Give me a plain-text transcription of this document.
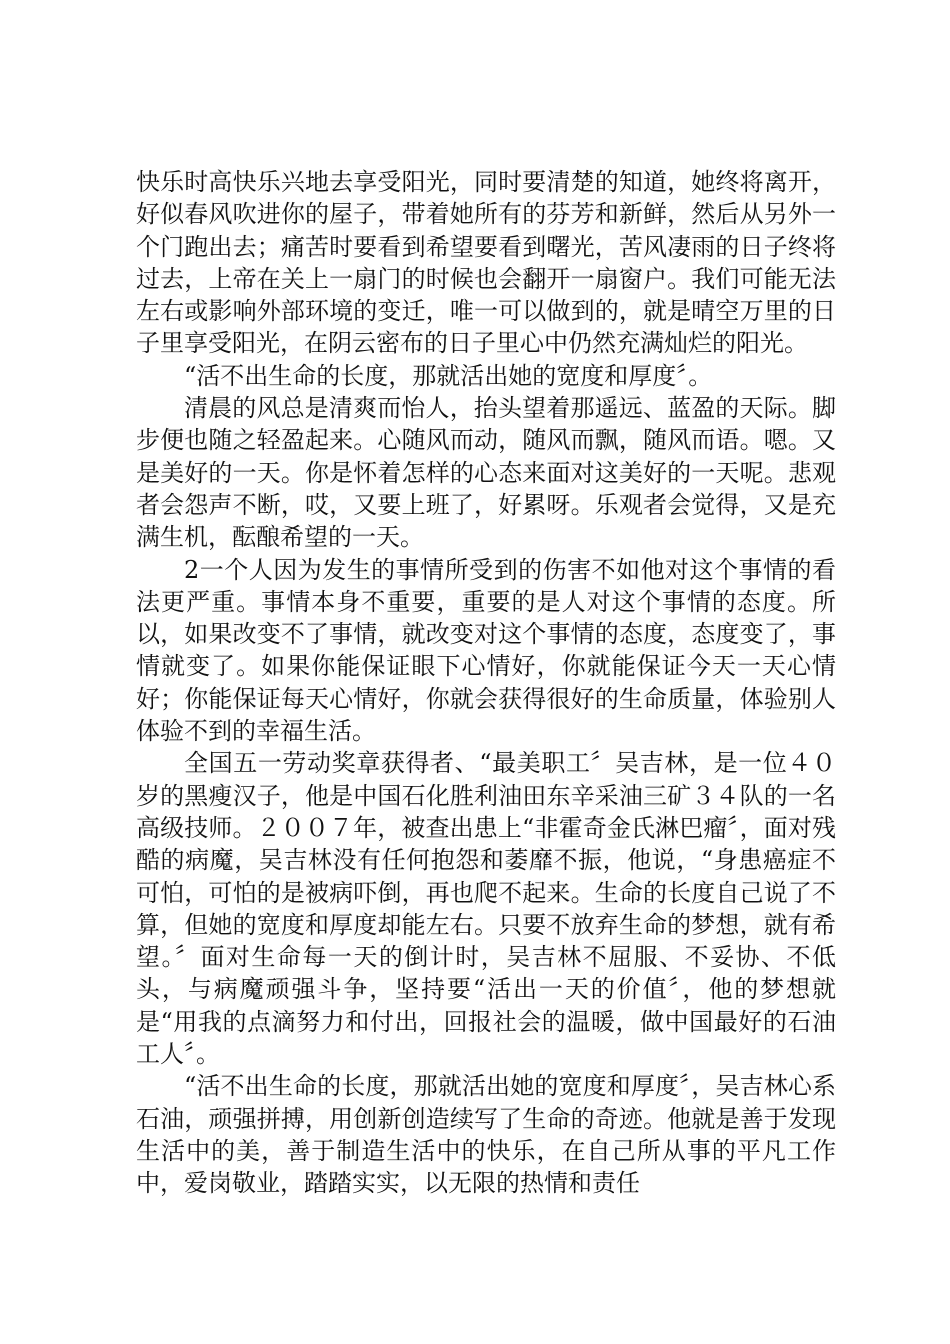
快乐时高快乐兴地去享受阳光，同时要清楚的知道，她终将离开，好似春风吹进你的屋子，带着她所有的芬芳和新鲜，然后从另外一个门跑出去；痛苦时要看到希望要看到曙光，苦风凄雨的日子终将过去，上帝在关上一扇门的时候也会翻开一扇窗户。我们可能无法左右或影响外部环境的变迁，唯一可以做到的，就是晴空万里的日子里享受阳光，在阴云密布的日子里心中仍然充满灿烂的阳光。

“活不出生命的长度，那就活出她的宽度和厚度〞。

清晨的风总是清爽而怡人，抬头望着那遥远、蓝盈的天际。脚步便也随之轻盈起来。心随风而动，随风而飘，随风而语。嗯。又是美好的一天。你是怀着怎样的心态来面对这美好的一天呢。悲观者会怨声不断，哎，又要上班了，好累呀。乐观者会觉得，又是充满生机，酝酿希望的一天。

2一个人因为发生的事情所受到的伤害不如他对这个事情的看法更严重。事情本身不重要，重要的是人对这个事情的态度。所以，如果改变不了事情，就改变对这个事情的态度，态度变了，事情就变了。如果你能保证眼下心情好，你就能保证今天一天心情好；你能保证每天心情好，你就会获得很好的生命质量，体验别人体验不到的幸福生活。

全国五一劳动奖章获得者、“最美职工〞吴吉林，是一位４０岁的黑瘦汉子，他是中国石化胜利油田东辛采油三矿３４队的一名高级技师。２００７年，被查出患上“非霍奇金氏淋巴瘤〞，面对残酷的病魔，吴吉林没有任何抱怨和萎靡不振，他说，“身患癌症不可怕，可怕的是被病吓倒，再也爬不起来。生命的长度自己说了不算，但她的宽度和厚度却能左右。只要不放弃生命的梦想，就有希望。〞面对生命每一天的倒计时，吴吉林不屈服、不妥协、不低头，与病魔顽强斗争，坚持要“活出一天的价值〞，他的梦想就是“用我的点滴努力和付出，回报社会的温暖，做中国最好的石油工人〞。

“活不出生命的长度，那就活出她的宽度和厚度〞，吴吉林心系石油，顽强拼搏，用创新创造续写了生命的奇迹。他就是善于发现生活中的美，善于制造生活中的快乐，在自己所从事的平凡工作中，爱岗敬业，踏踏实实，以无限的热情和责任
